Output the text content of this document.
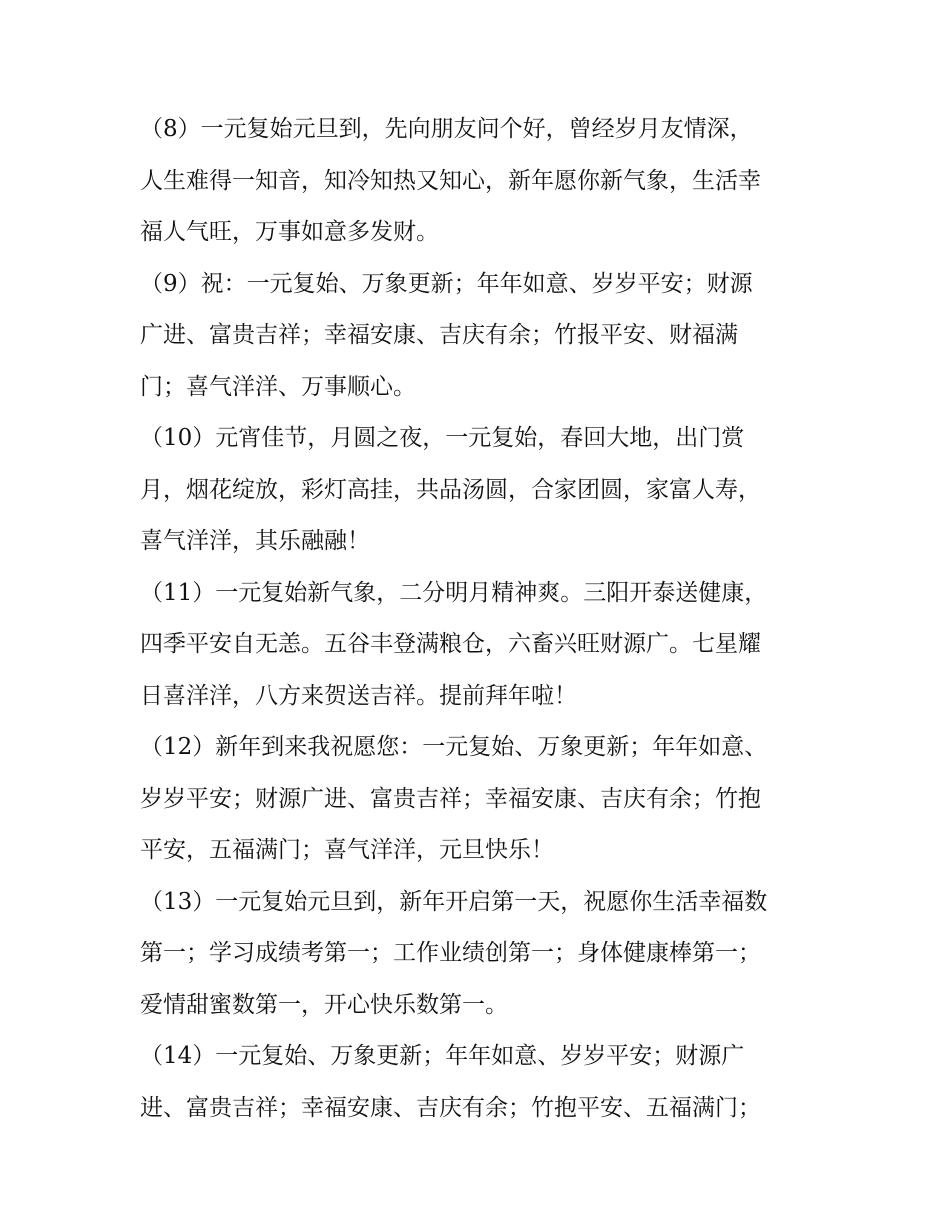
（8）一元复始元旦到，先向朋友问个好，曾经岁月友情深，
人生难得一知音，知冷知热又知心，新年愿你新气象，生活幸
福人气旺，万事如意多发财。
（9）祝：一元复始、万象更新；年年如意、岁岁平安；财源
广进、富贵吉祥；幸福安康、吉庆有余；竹报平安、财福满
门；喜气洋洋、万事顺心。
（10）元宵佳节，月圆之夜，一元复始，春回大地，出门赏
月，烟花绽放，彩灯高挂，共品汤圆，合家团圆，家富人寿，
喜气洋洋，其乐融融！
（11）一元复始新气象，二分明月精神爽。三阳开泰送健康，
四季平安自无恙。五谷丰登满粮仓，六畜兴旺财源广。七星耀
日喜洋洋，八方来贺送吉祥。提前拜年啦！
（12）新年到来我祝愿您：一元复始、万象更新；年年如意、
岁岁平安；财源广进、富贵吉祥；幸福安康、吉庆有余；竹抱
平安，五福满门；喜气洋洋，元旦快乐！
（13）一元复始元旦到，新年开启第一天，祝愿你生活幸福数
第一；学习成绩考第一；工作业绩创第一；身体健康棒第一；
爱情甜蜜数第一，开心快乐数第一。
（14）一元复始、万象更新；年年如意、岁岁平安；财源广
进、富贵吉祥；幸福安康、吉庆有余；竹抱平安、五福满门；
